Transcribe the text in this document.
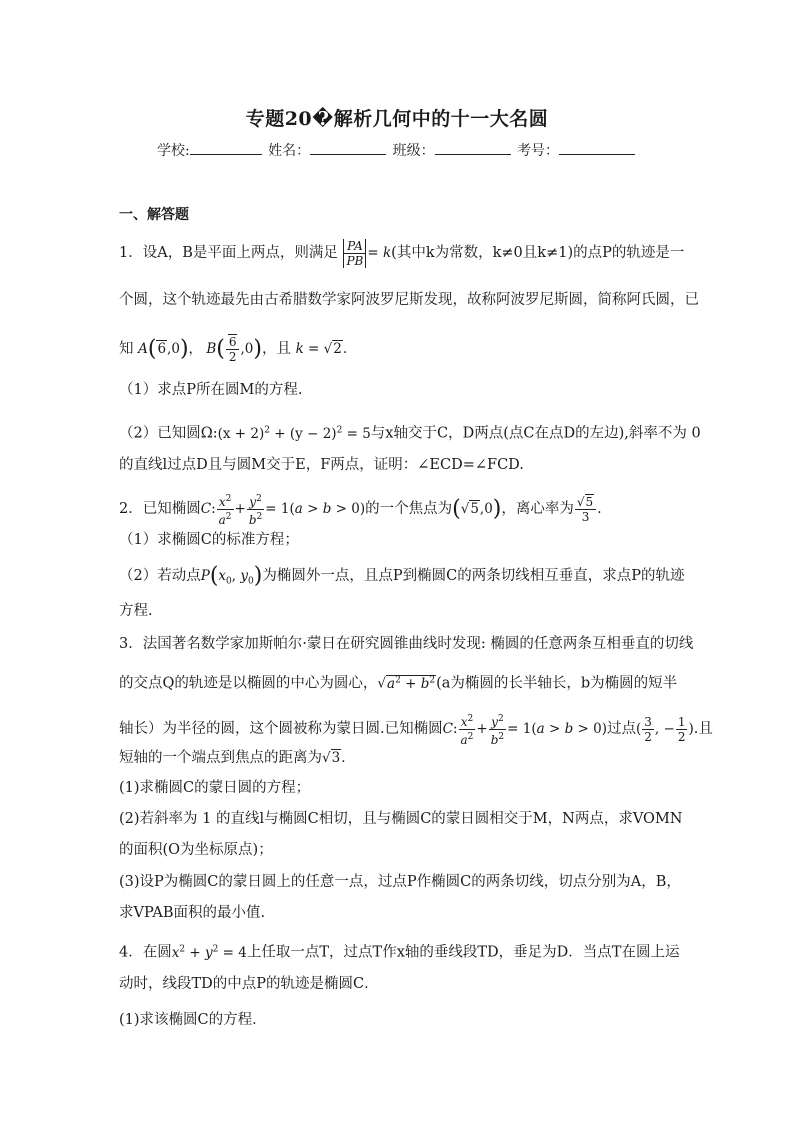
专题20�解析几何中的十一大名圆
学校:	姓名：	班级：	考号：
一、解答题
1．设A，B是平面上两点，则满足 $\frac{PA}{PB} = k$(其中k为常数，k≠0且k≠1)的点P的轨迹是一
个圆，这个轨迹最先由古希腊数学家阿波罗尼斯发现，故称阿波罗尼斯圆，简称阿氏圆，已
知 A(6,0)， $B( \frac{6}{2} ,0)$，且 k = √2.
（1）求点P所在圆M的方程.
（2）已知圆Ω:(x + $2)^2 + (y - 2)^2 = 5$与x轴交于C，D两点(点C在点D的左边),斜率不为 0
的直线l过点D且与圆M交于E，F两点，证明：∠ECD=∠FCD.
2．已知椭圆C: $\frac{x^2}{a^2} + \frac{y^2}{b^2} = 1(a > b > 0)$的一个焦点为(√5,0)，离心率为 $\frac{√5}{3}$ .
（1）求椭圆C的标准方程；
（2）若动点$P(x_0$, $y_0$)为椭圆外一点，且点P到椭圆C的两条切线相互垂直，求点P的轨迹
方程.
3．法国著名数学家加斯帕尔·蒙日在研究圆锥曲线时发现: 椭圆的任意两条互相垂直的切线
的交点Q的轨迹是以椭圆的中心为圆心，$√a^2 + b^2(a$为椭圆的长半轴长，b为椭圆的短半
轴长）为半径的圆，这个圆被称为蒙日圆.已知椭圆C: $\frac{x^2}{a^2} + \frac{y^2}{b^2} = 1(a > b > 0)$过点( $\frac{3}{2}$ , − $\frac{1}{2}$ ).且
短轴的一个端点到焦点的距离为√3.
(1)求椭圆C的蒙日圆的方程；
(2)若斜率为 1 的直线l与椭圆C相切，且与椭圆C的蒙日圆相交于M，N两点，求VOMN
的面积(O为坐标原点)；
(3)设P为椭圆C的蒙日圆上的任意一点，过点P作椭圆C的两条切线，切点分别为A，B，
求VPAB面积的最小值.
4．在圆$x^2 + y^2 = 4$上任取一点T，过点T作x轴的垂线段TD，垂足为D．当点T在圆上运
动时，线段TD的中点P的轨迹是椭圆C．
(1)求该椭圆C的方程．
